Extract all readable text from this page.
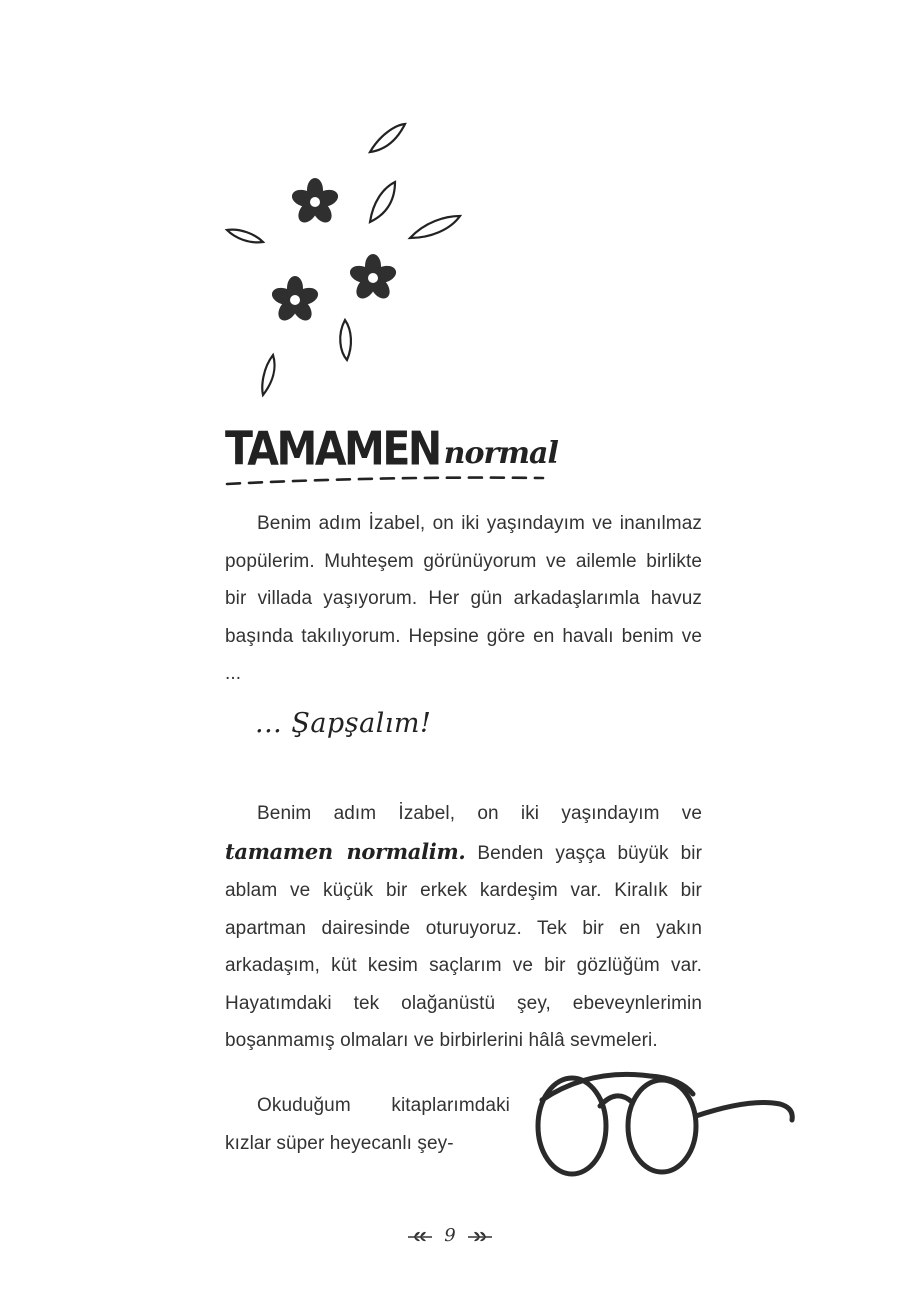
TAMAMEN normal

Benim adım İzabel, on iki yaşındayım ve inanılmaz popülerim. Muhteşem görünüyorum ve ailemle birlikte bir villada yaşıyorum. Her gün arkadaşlarımla havuz başında takılıyorum. Hepsine göre en havalı benim ve ...

... Şapşalım!

Benim adım İzabel, on iki yaşındayım ve tamamen normalim. Benden yaşça büyük bir ablam ve küçük bir erkek kardeşim var. Kiralık bir apartman dairesinde oturuyoruz. Tek bir en yakın arkadaşım, küt kesim saçlarım ve bir gözlüğüm var. Hayatımdaki tek olağanüstü şey, ebeveynlerimin boşanmamış olmaları ve birbirlerini hâlâ sevmeleri.

Okuduğum kitaplarımdaki kızlar süper heyecanlı şey-

9
